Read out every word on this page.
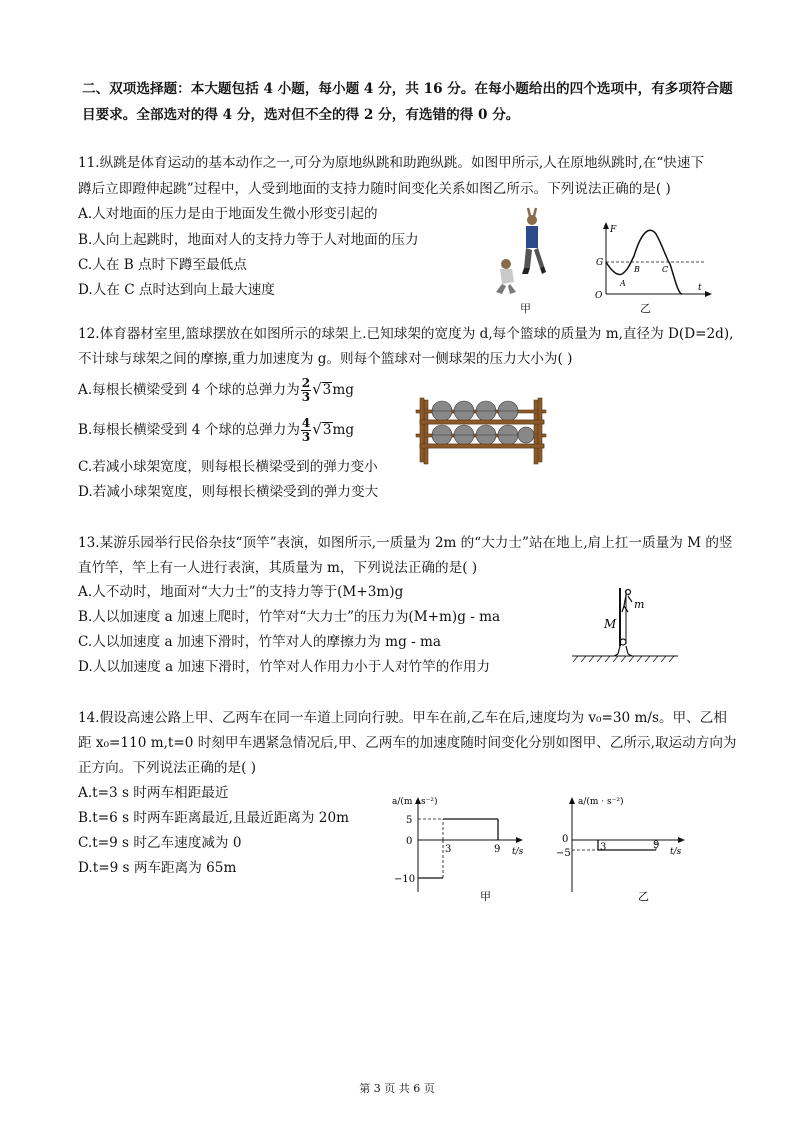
二、双项选择题：本大题包括 4 小题，每小题 4 分，共 16 分。在每小题给出的四个选项中，有多项符合题
目要求。全部选对的得 4 分，选对但不全的得 2 分，有选错的得 0 分。
11.纵跳是体育运动的基本动作之一,可分为原地纵跳和助跑纵跳。如图甲所示,人在原地纵跳时,在“快速下
蹲后立即蹬伸起跳”过程中，人受到地面的支持力随时间变化关系如图乙所示。下列说法正确的是( )
A.人对地面的压力是由于地面发生微小形变引起的
B.人向上起跳时，地面对人的支持力等于人对地面的压力
C.人在 B 点时下蹲至最低点
D.人在 C 点时达到向上最大速度
甲
F
G
O
t
A
B	C
乙
12.体育器材室里,篮球摆放在如图所示的球架上.已知球架的宽度为 d,每个篮球的质量为 m,直径为 D(D=2d),
不计球与球架之间的摩擦,重力加速度为 g。则每个篮球对一侧球架的压力大小为( )
A.每根长横梁受到 4 个球的总弹力为 $\frac{2}{3} √3mg$
B.每根长横梁受到 4 个球的总弹力为 $\frac{4}{3} √3mg$
C.若减小球架宽度，则每根长横梁受到的弹力变小
D.若减小球架宽度，则每根长横梁受到的弹力变大
13.某游乐园举行民俗杂技“顶竿”表演，如图所示,一质量为 2m 的“大力士”站在地上,肩上扛一质量为 M 的竖
直竹竿，竿上有一人进行表演，其质量为 m，下列说法正确的是( )
A.人不动时，地面对“大力士”的支持力等于(M+3m)g
B.人以加速度 a 加速上爬时，竹竿对“大力士”的压力为(M+m)g - ma
C.人以加速度 a 加速下滑时，竹竿对人的摩擦力为 mg - ma
D.人以加速度 a 加速下滑时，竹竿对人作用力小于人对竹竿的作用力
m
M
14.假设高速公路上甲、乙两车在同一车道上同向行驶。甲车在前,乙车在后,速度均为 v₀=30 m/s。甲、乙相
距 x₀=110 m,t=0 时刻甲车遇紧急情况后,甲、乙两车的加速度随时间变化分别如图甲、乙所示,取运动方向为
正方向。下列说法正确的是( )
A.t=3 s 时两车相距最近
B.t=6 s 时两车距离最近,且最近距离为 20m
C.t=9 s 时乙车速度减为 0
D.t=9 s 两车距离为 65m
a/(m · s⁻²)
t/s
5
0
−10
3	9
甲
a/(m · s⁻²)
t/s
0
−5
3	9
乙
第 3 页 共 6 页
